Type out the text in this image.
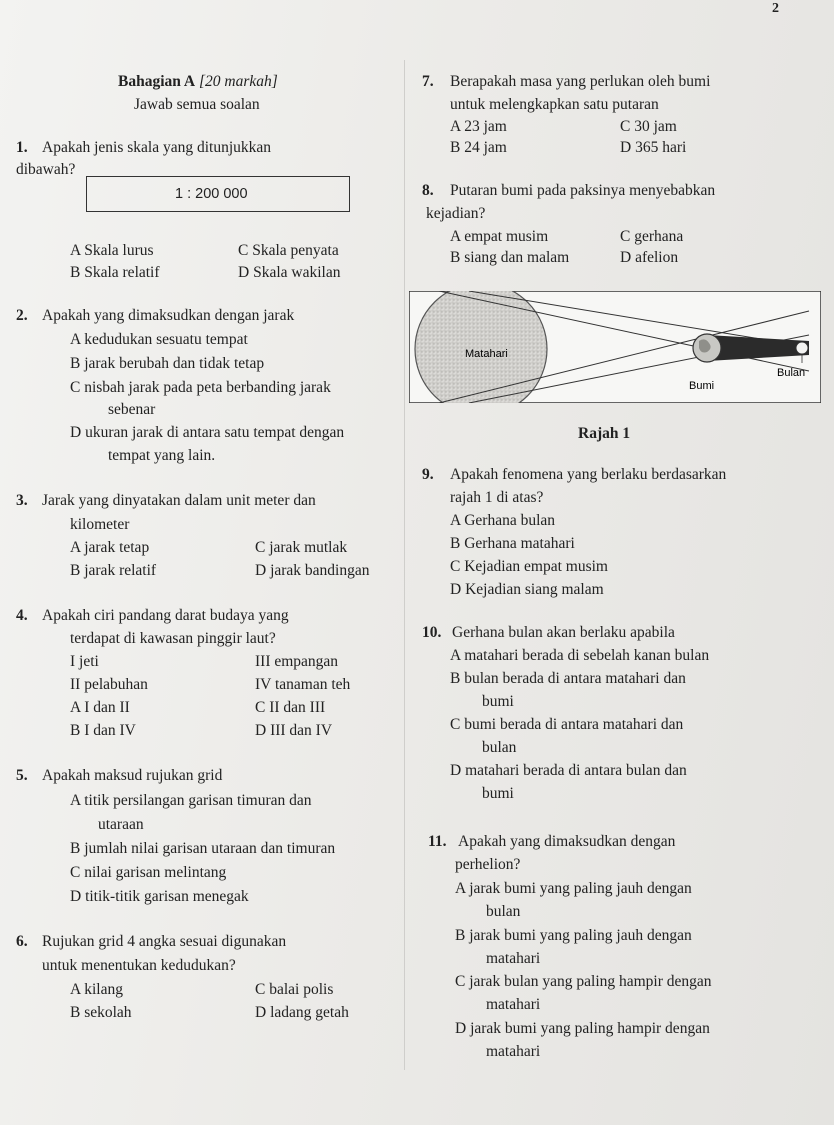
2
Bahagian A [20 markah]
Jawab semua soalan
1. Apakah jenis skala yang ditunjukkan
dibawah?
1 : 200 000
A Skala lurus
B Skala relatif
C Skala penyata
D Skala wakilan
2. Apakah yang dimaksudkan dengan jarak
A kedudukan sesuatu tempat
B jarak berubah dan tidak tetap
C nisbah jarak pada peta berbanding jarak
sebenar
D ukuran jarak di antara satu tempat dengan
tempat yang lain.
3. Jarak yang dinyatakan dalam unit meter dan
kilometer
A jarak tetap
B jarak relatif
C jarak mutlak
D jarak bandingan
4. Apakah ciri pandang darat budaya yang
terdapat di kawasan pinggir laut?
I jeti
II pelabuhan
III empangan
IV tanaman teh
A I dan II
B I dan IV
C II dan III
D III dan IV
5. Apakah maksud rujukan grid
A titik persilangan garisan timuran dan
utaraan
B jumlah nilai garisan utaraan dan timuran
C nilai garisan melintang
D titik-titik garisan menegak
6. Rujukan grid 4 angka sesuai digunakan
untuk menentukan kedudukan?
A kilang
B sekolah
C balai polis
D ladang getah
7. Berapakah masa yang perlukan oleh bumi
untuk melengkapkan satu putaran
A 23 jam
B 24 jam
C 30 jam
D 365 hari
8. Putaran bumi pada paksinya menyebabkan
kejadian?
A empat musim
B siang dan malam
C gerhana
D afelion
Matahari
Bumi
Bulan
Rajah 1
9. Apakah fenomena yang berlaku berdasarkan
rajah 1 di atas?
A Gerhana bulan
B Gerhana matahari
C Kejadian empat musim
D Kejadian siang malam
10. Gerhana bulan akan berlaku apabila
A matahari berada di sebelah kanan bulan
B bulan berada di antara matahari dan
bumi
C bumi berada di antara matahari dan
bulan
D matahari berada di antara bulan dan
bumi
11. Apakah yang dimaksudkan dengan
perhelion?
A jarak bumi yang paling jauh dengan
bulan
B jarak bumi yang paling jauh dengan
matahari
C jarak bulan yang paling hampir dengan
matahari
D jarak bumi yang paling hampir dengan
matahari
